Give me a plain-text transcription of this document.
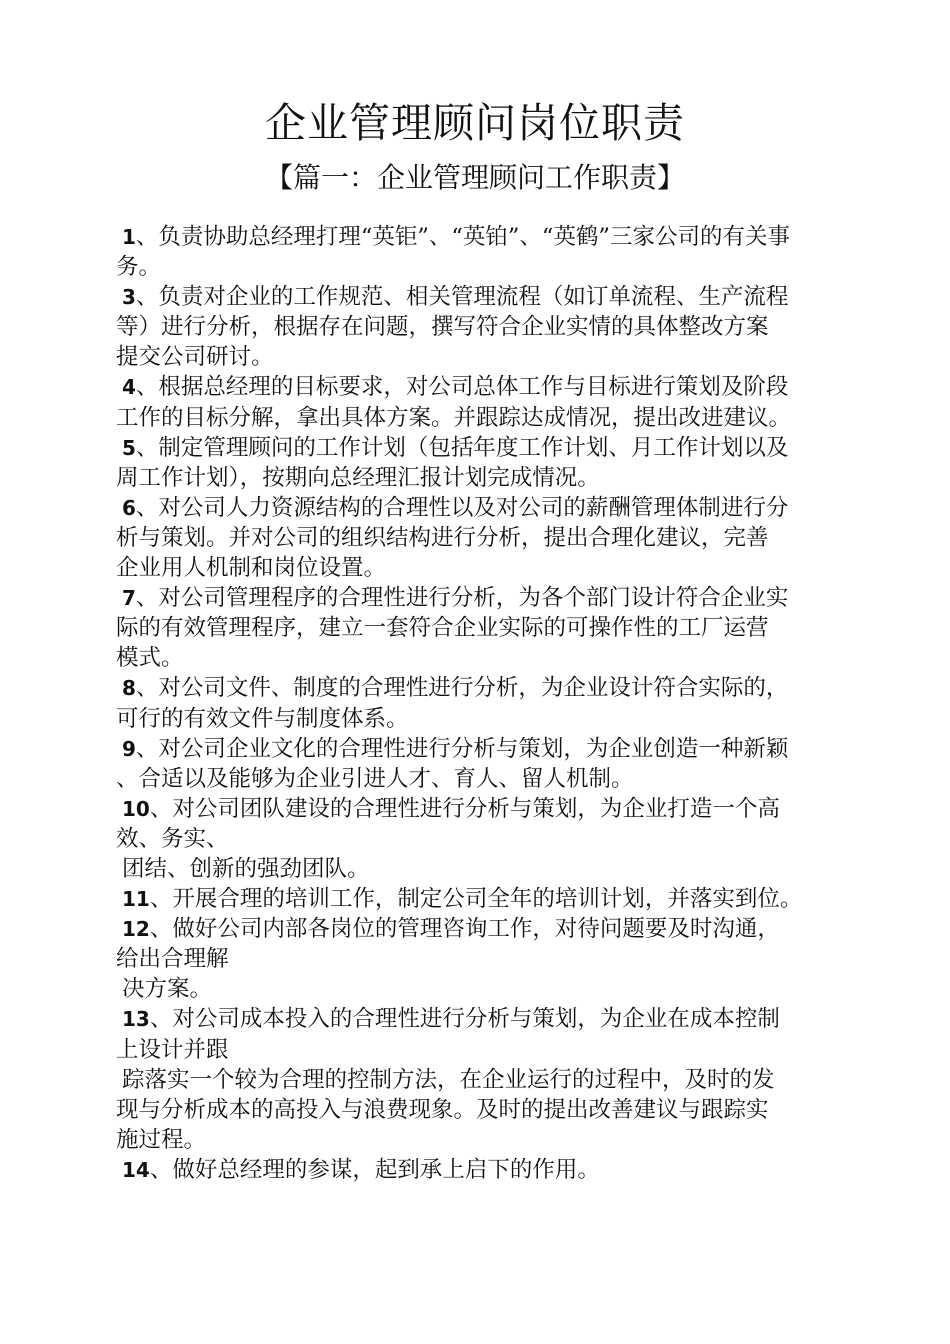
企业管理顾问岗位职责
【篇一：企业管理顾问工作职责】
1、负责协助总经理打理“英钜”、“英铂”、“英鹤”三家公司的有关事
务。
3、负责对企业的工作规范、相关管理流程（如订单流程、生产流程
等）进行分析，根据存在问题，撰写符合企业实情的具体整改方案
提交公司研讨。
4、根据总经理的目标要求，对公司总体工作与目标进行策划及阶段
工作的目标分解，拿出具体方案。并跟踪达成情况，提出改进建议。
5、制定管理顾问的工作计划（包括年度工作计划、月工作计划以及
周工作计划），按期向总经理汇报计划完成情况。
6、对公司人力资源结构的合理性以及对公司的薪酬管理体制进行分
析与策划。并对公司的组织结构进行分析，提出合理化建议，完善
企业用人机制和岗位设置。
7、对公司管理程序的合理性进行分析，为各个部门设计符合企业实
际的有效管理程序，建立一套符合企业实际的可操作性的工厂运营
模式。
8、对公司文件、制度的合理性进行分析，为企业设计符合实际的，
可行的有效文件与制度体系。
9、对公司企业文化的合理性进行分析与策划，为企业创造一种新颖
、合适以及能够为企业引进人才、育人、留人机制。
10、对公司团队建设的合理性进行分析与策划，为企业打造一个高
效、务实、
团结、创新的强劲团队。
11、开展合理的培训工作，制定公司全年的培训计划，并落实到位。
12、做好公司内部各岗位的管理咨询工作，对待问题要及时沟通，
给出合理解
决方案。
13、对公司成本投入的合理性进行分析与策划，为企业在成本控制
上设计并跟
踪落实一个较为合理的控制方法，在企业运行的过程中，及时的发
现与分析成本的高投入与浪费现象。及时的提出改善建议与跟踪实
施过程。
14、做好总经理的参谋，起到承上启下的作用。
